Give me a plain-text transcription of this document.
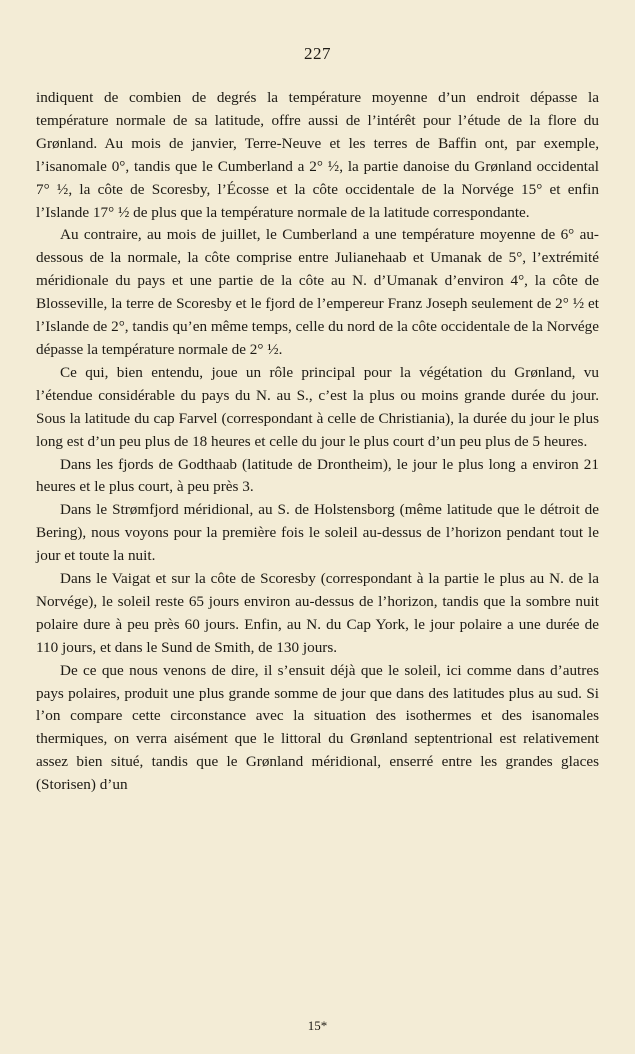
227

indiquent de combien de degrés la température moyenne d’un endroit dépasse la température normale de sa latitude, offre aussi de l’intérêt pour l’étude de la flore du Grønland. Au mois de janvier, Terre-Neuve et les terres de Baffin ont, par exemple, l’isanomale 0°, tandis que le Cumberland a 2° ½, la partie danoise du Grønland occidental 7° ½, la côte de Scoresby, l’Écosse et la côte occidentale de la Norvége 15° et enfin l’Islande 17° ½ de plus que la température normale de la latitude correspondante.

Au contraire, au mois de juillet, le Cumberland a une température moyenne de 6° au-dessous de la normale, la côte comprise entre Julianehaab et Umanak de 5°, l’extrémité méridionale du pays et une partie de la côte au N. d’Umanak d’environ 4°, la côte de Blosseville, la terre de Scoresby et le fjord de l’empereur Franz Joseph seulement de 2° ½ et l’Islande de 2°, tandis qu’en même temps, celle du nord de la côte occidentale de la Norvége dépasse la température normale de 2° ½.

Ce qui, bien entendu, joue un rôle principal pour la végétation du Grønland, vu l’étendue considérable du pays du N. au S., c’est la plus ou moins grande durée du jour. Sous la latitude du cap Farvel (correspondant à celle de Christiania), la durée du jour le plus long est d’un peu plus de 18 heures et celle du jour le plus court d’un peu plus de 5 heures.

Dans les fjords de Godthaab (latitude de Drontheim), le jour le plus long a environ 21 heures et le plus court, à peu près 3.

Dans le Strømfjord méridional, au S. de Holstensborg (même latitude que le détroit de Bering), nous voyons pour la première fois le soleil au-dessus de l’horizon pendant tout le jour et toute la nuit.

Dans le Vaigat et sur la côte de Scoresby (correspondant à la partie le plus au N. de la Norvége), le soleil reste 65 jours environ au-dessus de l’horizon, tandis que la sombre nuit polaire dure à peu près 60 jours. Enfin, au N. du Cap York, le jour polaire a une durée de 110 jours, et dans le Sund de Smith, de 130 jours.

De ce que nous venons de dire, il s’ensuit déjà que le soleil, ici comme dans d’autres pays polaires, produit une plus grande somme de jour que dans des latitudes plus au sud. Si l’on compare cette circonstance avec la situation des isothermes et des isanomales thermiques, on verra aisément que le littoral du Grønland septentrional est relativement assez bien situé, tandis que le Grønland méridional, enserré entre les grandes glaces (Storisen) d’un

15*
